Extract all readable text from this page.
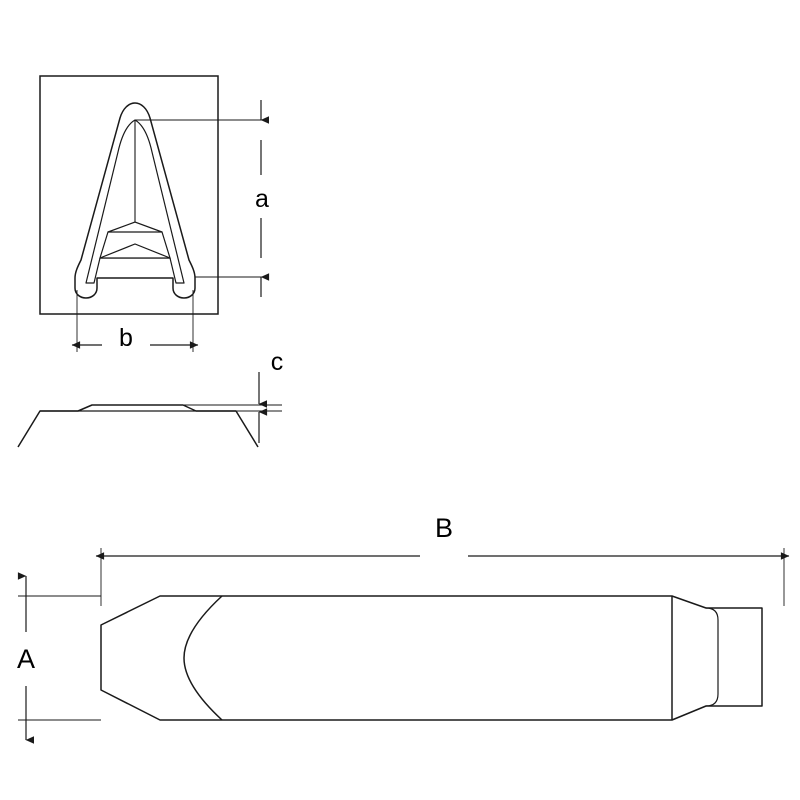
a
b
c
B
A
